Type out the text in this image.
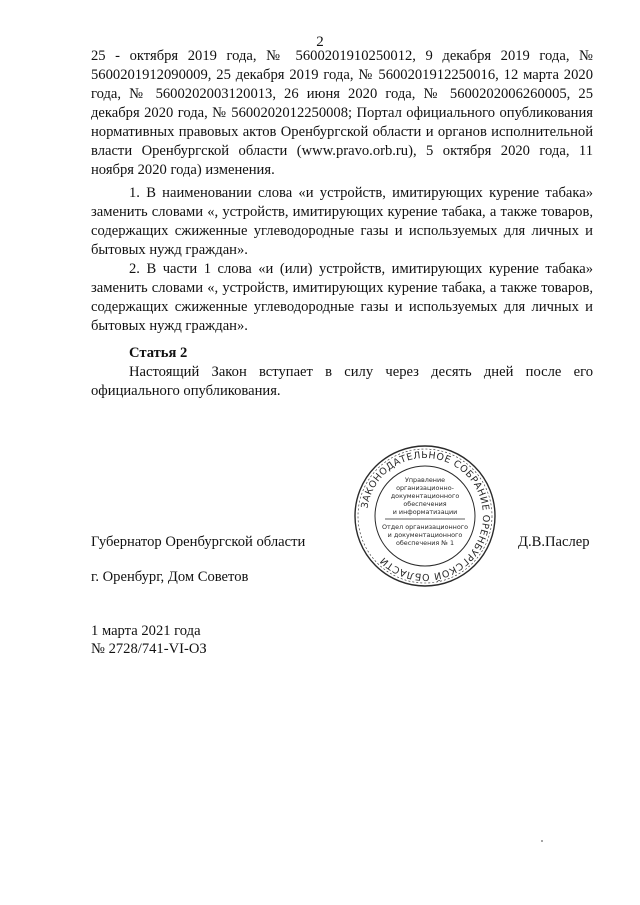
2

25 - октября 2019 года, № 5600201910250012, 9 декабря 2019 года, № 5600201912090009, 25 декабря 2019 года, № 5600201912250016, 12 марта 2020 года, № 5600202003120013, 26 июня 2020 года, № 5600202006260005, 25 декабря 2020 года, № 5600202012250008; Портал официального опубликования нормативных правовых актов Оренбургской области и органов исполнительной власти Оренбургской области (www.pravo.orb.ru), 5 октября 2020 года, 11 ноября 2020 года) изменения.

1. В наименовании слова «и устройств, имитирующих курение табака» заменить словами «, устройств, имитирующих курение табака, а также товаров, содержащих сжиженные углеводородные газы и используемых для личных и бытовых нужд граждан».

2. В части 1 слова «и (или) устройств, имитирующих курение табака» заменить словами «, устройств, имитирующих курение табака, а также товаров, содержащих сжиженные углеводородные газы и используемых для личных и бытовых нужд граждан».

Статья 2

Настоящий Закон вступает в силу через десять дней после его официального опубликования.

Губернатор Оренбургской области	Д.В.Паслер
ЗАКОНОДАТЕЛЬНОЕ СОБРАНИЕ ОРЕНБУРГСКОЙ ОБЛАСТИ
Управление
организационно-
документационного
обеспечения
и информатизации
Отдел организационного
и документационного
обеспечения № 1
г. Оренбург, Дом Советов
1 марта 2021 года
№ 2728/741-VI-ОЗ
